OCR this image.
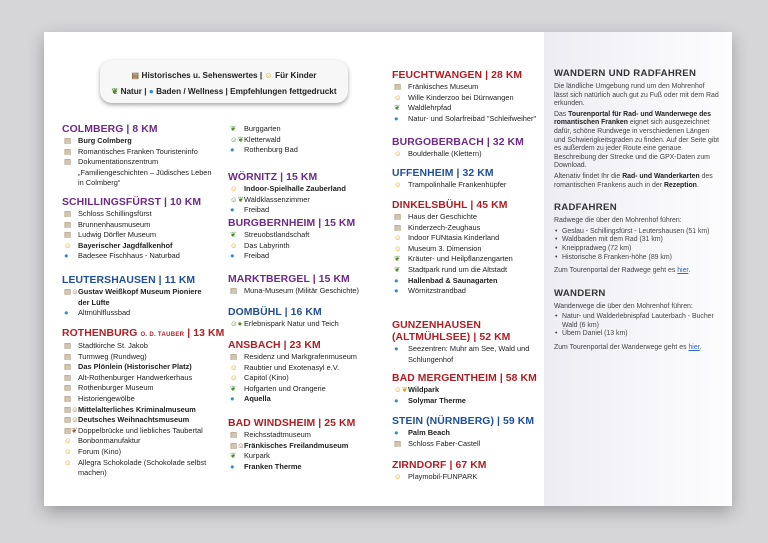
▤ Historisches u. Sehenswertes | ☺ Für Kinder
❦ Natur | ● Baden / Wellness | Empfehlungen fettgedruckt
COLMBERG | 8 KM
▤ Burg Colmberg
▤ Romantisches Franken Touristeninfo
▤ Dokumentationszentrum „Familiengeschichten – Jüdisches Leben in Colmberg“
SCHILLINGSFÜRST | 10 KM
▤ Schloss Schillingsfürst
▤ Brunnenhausmuseum
▤ Ludwig Dörfler Museum
☺ Bayerischer Jagdfalkenhof
● Badesee Fischhaus - Naturbad
LEUTERSHAUSEN | 11 KM
▤☺ Gustav Weißkopf Museum Pioniere der Lüfte
● Altmühlflussbad
ROTHENBURG O. D. TAUBER | 13 KM
▤ Stadtkirche St. Jakob
▤ Turmweg (Rundweg)
▤ Das Plönlein (Historischer Platz)
▤ Alt-Rothenburger Handwerkerhaus
▤ Rothenburger Museum
▤ Historiengewölbe
▤☺ Mittelalterliches Kriminalmuseum
▤☺ Deutsches Weihnachtsmuseum
▤❦ Doppelbrücke und liebliches Taubertal
☺ Bonbonmanufaktur
☺ Forum (Kino)
☺ Allegra Schokolade (Schokolade selbst machen)
❦ Burggarten
☺❦ Kletterwald
● Rothenburg Bad
WÖRNITZ | 15 KM
☺ Indoor-Spielhalle Zauberland
☺❦ Waldklassenzimmer
● Freibad
BURGBERNHEIM | 15 KM
❦ Streuobstlandschaft
☺ Das Labyrinth
● Freibad
MARKTBERGEL | 15 KM
▤ Muna-Museum (Militär Geschichte)
DOMBÜHL | 16 KM
☺● Erlebnispark Natur und Teich
ANSBACH | 23 KM
▤ Residenz und Markgrafenmuseum
☺ Raubtier und Exotenasyl e.V.
☺ Capitol (Kino)
❦ Hofgarten und Orangerie
● Aquella
BAD WINDSHEIM | 25 KM
▤ Reichsstadtmuseum
▤☺ Fränkisches Freilandmuseum
❦ Kurpark
● Franken Therme
FEUCHTWANGEN | 28 KM
▤ Fränkisches Museum
☺ Wille Kinderzoo bei Dürrwangen
❦ Waldlehrpfad
● Natur- und Solarfreibad "Schleifweiher"
BURGOBERBACH | 32 KM
☺ Boulderhalle (Klettern)
UFFENHEIM | 32 KM
☺ Trampolinhalle Frankenhüpfer
DINKELSBÜHL | 45 KM
▤ Haus der Geschichte
▤ Kinderzech-Zeughaus
☺ Indoor FUNtasia Kinderland
☺ Museum 3. Dimension
❦ Kräuter- und Heilpflanzengarten
❦ Stadtpark rund um die Altstadt
● Hallenbad & Saunagarten
● Wörnitzstrandbad
GUNZENHAUSEN
(ALTMÜHLSEE) | 52 KM
● Seezentren: Muhr am See, Wald und Schlungenhof
BAD MERGENTHEIM | 58 KM
☺❦ Wildpark
● Solymar Therme
STEIN (NÜRNBERG) | 59 KM
● Palm Beach
▤ Schloss Faber-Castell
ZIRNDORF | 67 KM
☺ Playmobil-FUNPARK
WANDERN UND RADFAHREN

Die ländliche Umgebung rund um den Mohrenhof lässt sich natürlich auch gut zu Fuß oder mit dem Rad erkunden.

Das Tourenportal für Rad- und Wanderwege des romantischen Franken eignet sich ausgezeichnet dafür, schöne Rundwege in verschiedenen Längen und Schwierigkeitsgraden zu finden. Auf der Seite gibt es außerdem zu jeder Route eine genaue Beschreibung der Strecke und die GPX-Daten zum Download.

Altenativ findet Ihr die Rad- und Wanderkarten des romantischen Frankens auch in der Rezeption.

RADFAHREN

Radwege die über den Mohrenhof führen:

• Geslau - Schillingsfürst - Leutershausen (51 km)
• Waldbaden mit dem Rad (31 km)
• Kneippradweg (72 km)
• Historische 8 Franken-höhe (89 km)

Zum Tourenportal der Radwege geht es hier.

WANDERN

Wanderwege die über den Mohrenhof führen:

• Natur- und Walderlebnispfad Lauterbach - Bucher Wald (6 km)
• Übern Daniel (13 km)

Zum Tourenportal der Wanderwege geht es hier.
